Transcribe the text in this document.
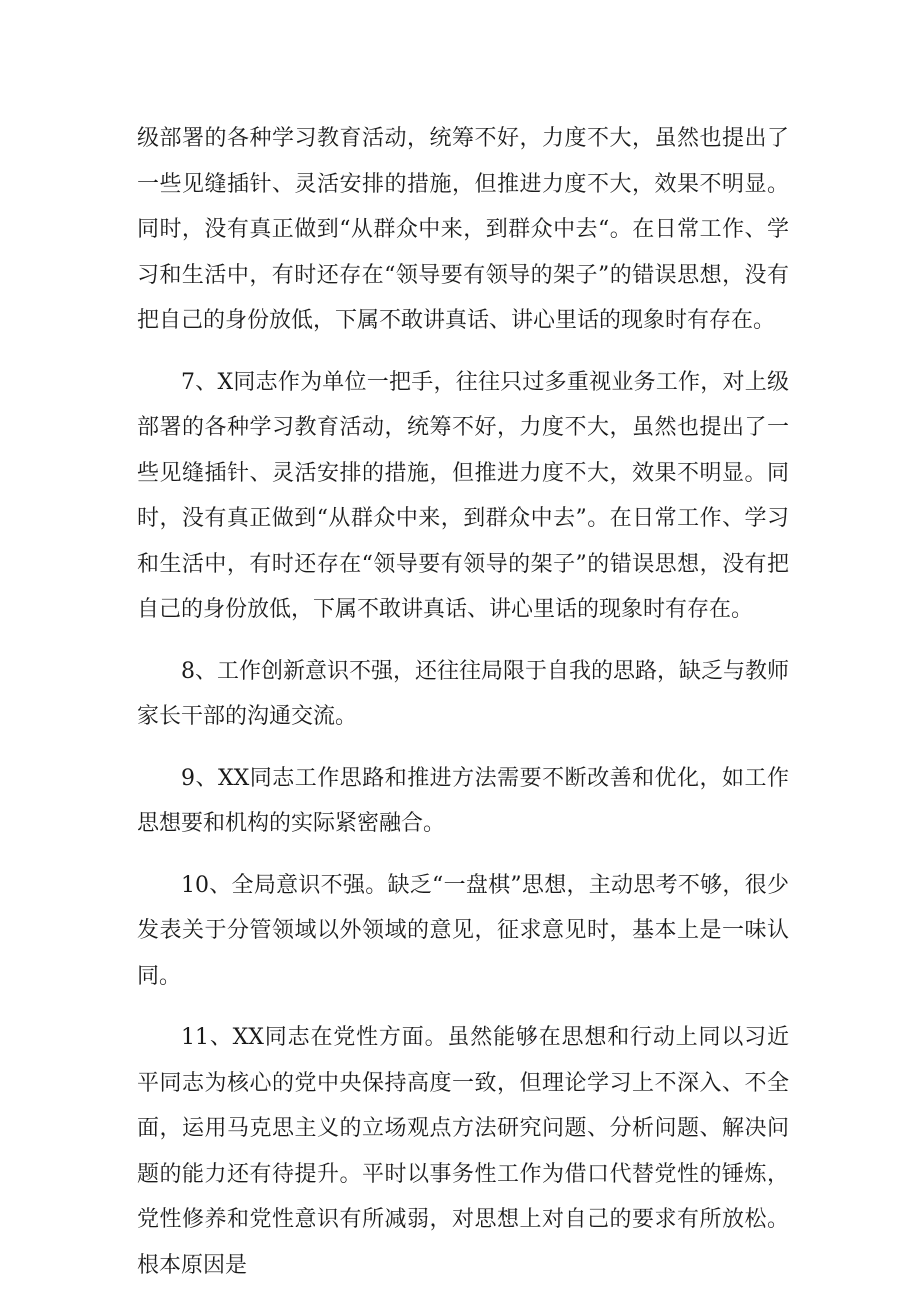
级部署的各种学习教育活动，统筹不好，力度不大，虽然也提出了一些见缝插针、灵活安排的措施，但推进力度不大，效果不明显。同时，没有真正做到“从群众中来，到群众中去“。在日常工作、学习和生活中，有时还存在“领导要有领导的架子”的错误思想，没有把自己的身份放低，下属不敢讲真话、讲心里话的现象时有存在。

7、X同志作为单位一把手，往往只过多重视业务工作，对上级部署的各种学习教育活动，统筹不好，力度不大，虽然也提出了一些见缝插针、灵活安排的措施，但推进力度不大，效果不明显。同时，没有真正做到“从群众中来，到群众中去”。在日常工作、学习和生活中，有时还存在“领导要有领导的架子”的错误思想，没有把自己的身份放低，下属不敢讲真话、讲心里话的现象时有存在。

8、工作创新意识不强，还往往局限于自我的思路，缺乏与教师家长干部的沟通交流。

9、XX同志工作思路和推进方法需要不断改善和优化，如工作思想要和机构的实际紧密融合。

10、全局意识不强。缺乏“一盘棋”思想，主动思考不够，很少发表关于分管领域以外领域的意见，征求意见时，基本上是一味认同。

11、XX同志在党性方面。虽然能够在思想和行动上同以习近平同志为核心的党中央保持高度一致，但理论学习上不深入、不全面，运用马克思主义的立场观点方法研究问题、分析问题、解决问题的能力还有待提升。平时以事务性工作为借口代替党性的锤炼，党性修养和党性意识有所减弱，对思想上对自己的要求有所放松。根本原因是
